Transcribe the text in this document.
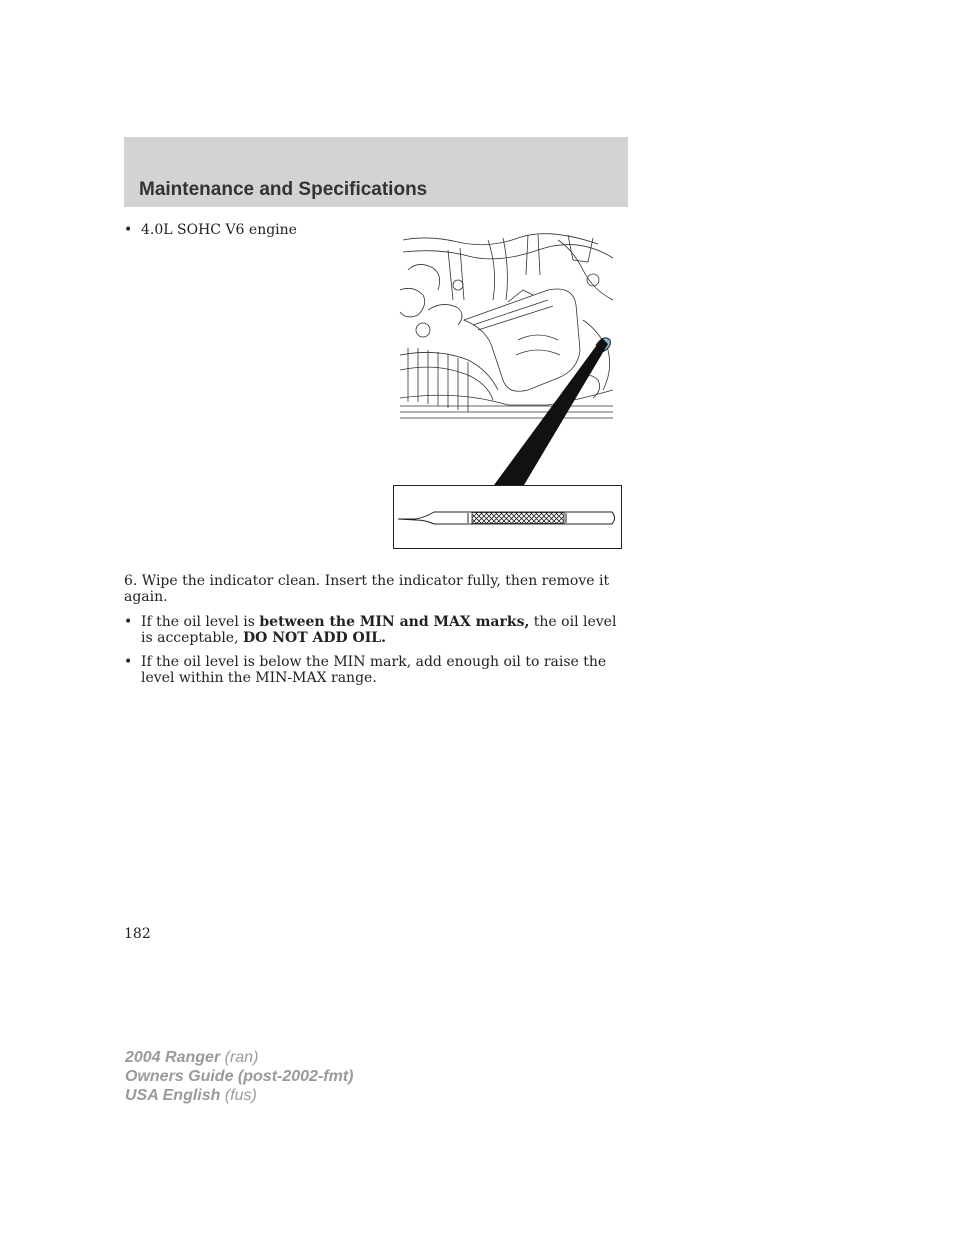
Maintenance and Specifications
• 4.0L SOHC V6 engine
6. Wipe the indicator clean. Insert the indicator fully, then remove it again.
• If the oil level is between the MIN and MAX marks, the oil level is acceptable, DO NOT ADD OIL.
• If the oil level is below the MIN mark, add enough oil to raise the level within the MIN-MAX range.
182
2004 Ranger (ran)
Owners Guide (post-2002-fmt)
USA English (fus)
